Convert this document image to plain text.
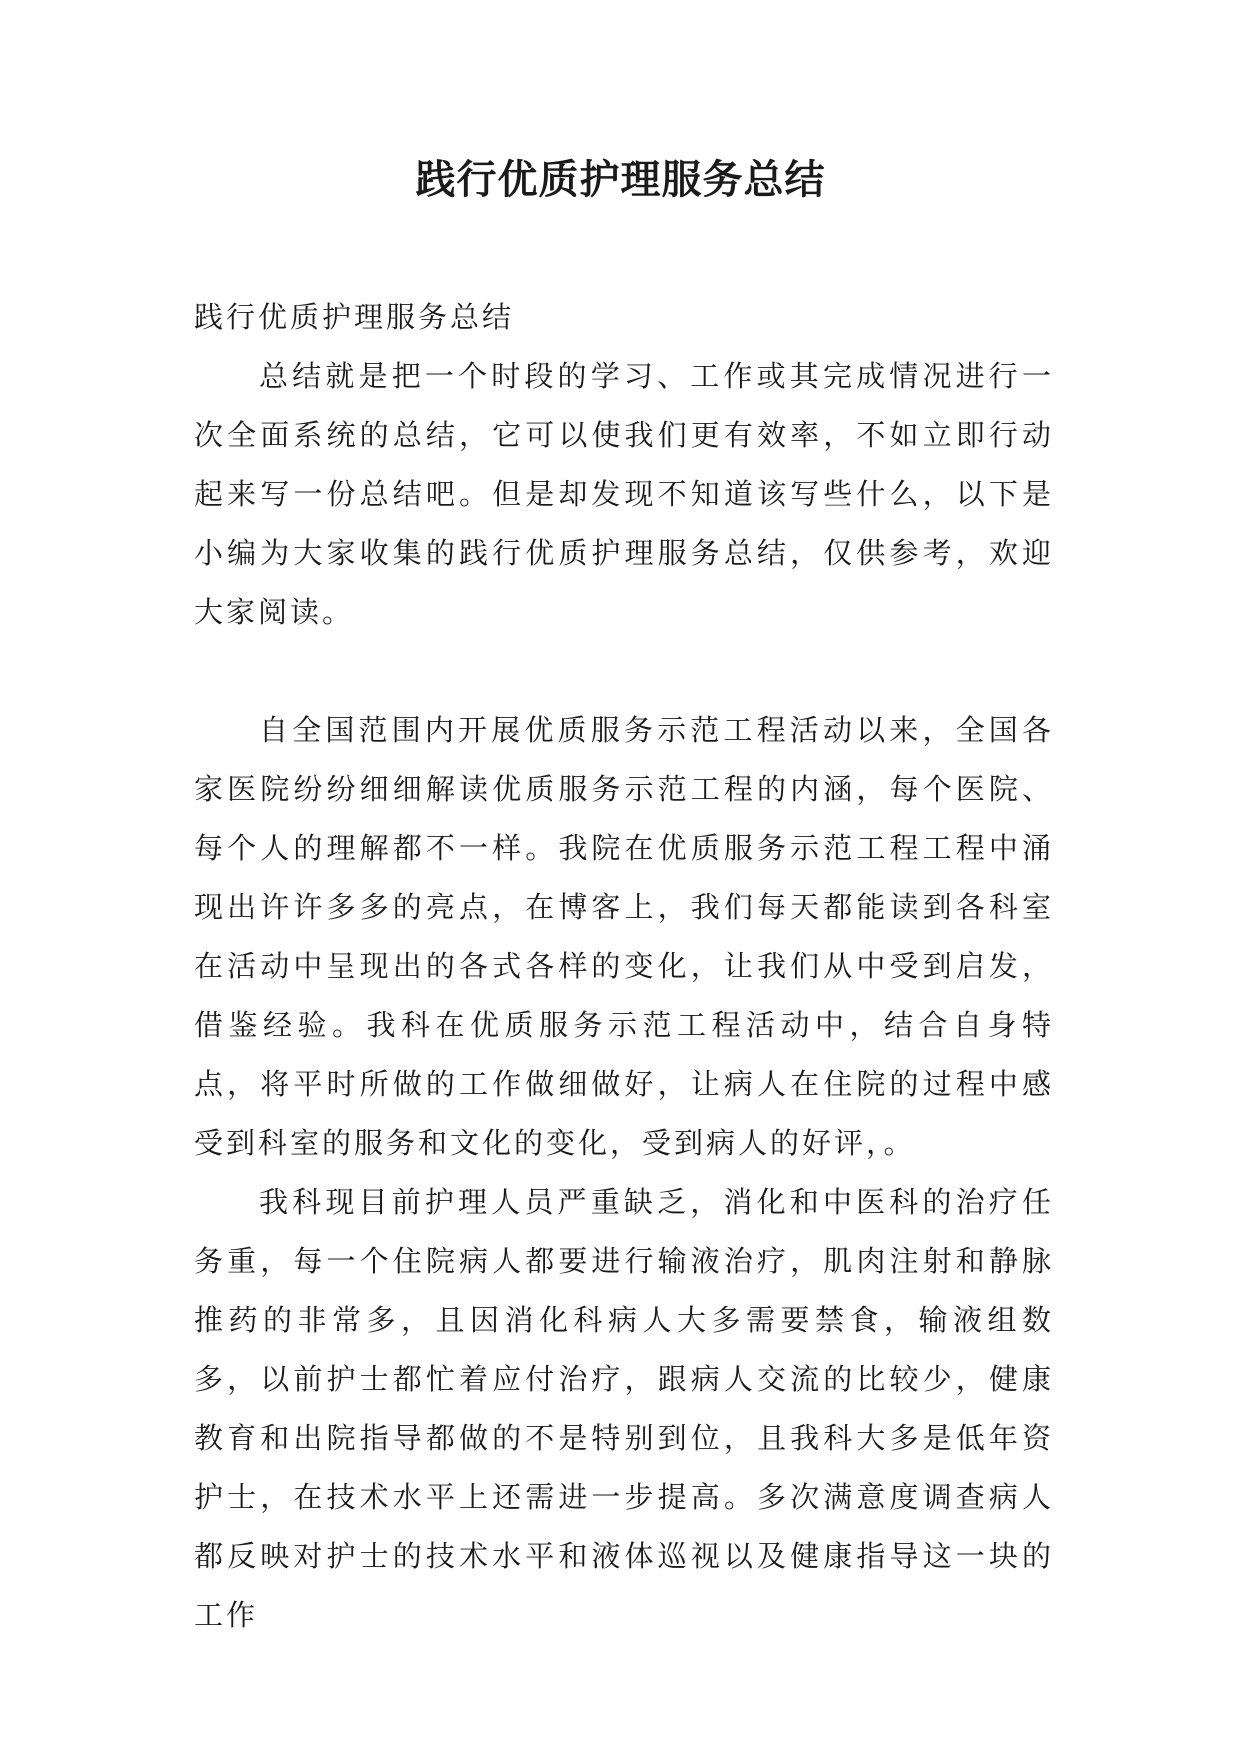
践行优质护理服务总结

践行优质护理服务总结

总结就是把一个时段的学习、工作或其完成情况进行一次全面系统的总结，它可以使我们更有效率，不如立即行动起来写一份总结吧。但是却发现不知道该写些什么，以下是小编为大家收集的践行优质护理服务总结，仅供参考，欢迎大家阅读。

自全国范围内开展优质服务示范工程活动以来，全国各家医院纷纷细细解读优质服务示范工程的内涵，每个医院、每个人的理解都不一样。我院在优质服务示范工程工程中涌现出许许多多的亮点，在博客上，我们每天都能读到各科室在活动中呈现出的各式各样的变化，让我们从中受到启发，借鉴经验。我科在优质服务示范工程活动中，结合自身特点，将平时所做的工作做细做好，让病人在住院的过程中感受到科室的服务和文化的变化，受到病人的好评，。

我科现目前护理人员严重缺乏，消化和中医科的治疗任务重，每一个住院病人都要进行输液治疗，肌肉注射和静脉推药的非常多，且因消化科病人大多需要禁食，输液组数多，以前护士都忙着应付治疗，跟病人交流的比较少，健康教育和出院指导都做的不是特别到位，且我科大多是低年资护士，在技术水平上还需进一步提高。多次满意度调查病人都反映对护士的技术水平和液体巡视以及健康指导这一块的工作
